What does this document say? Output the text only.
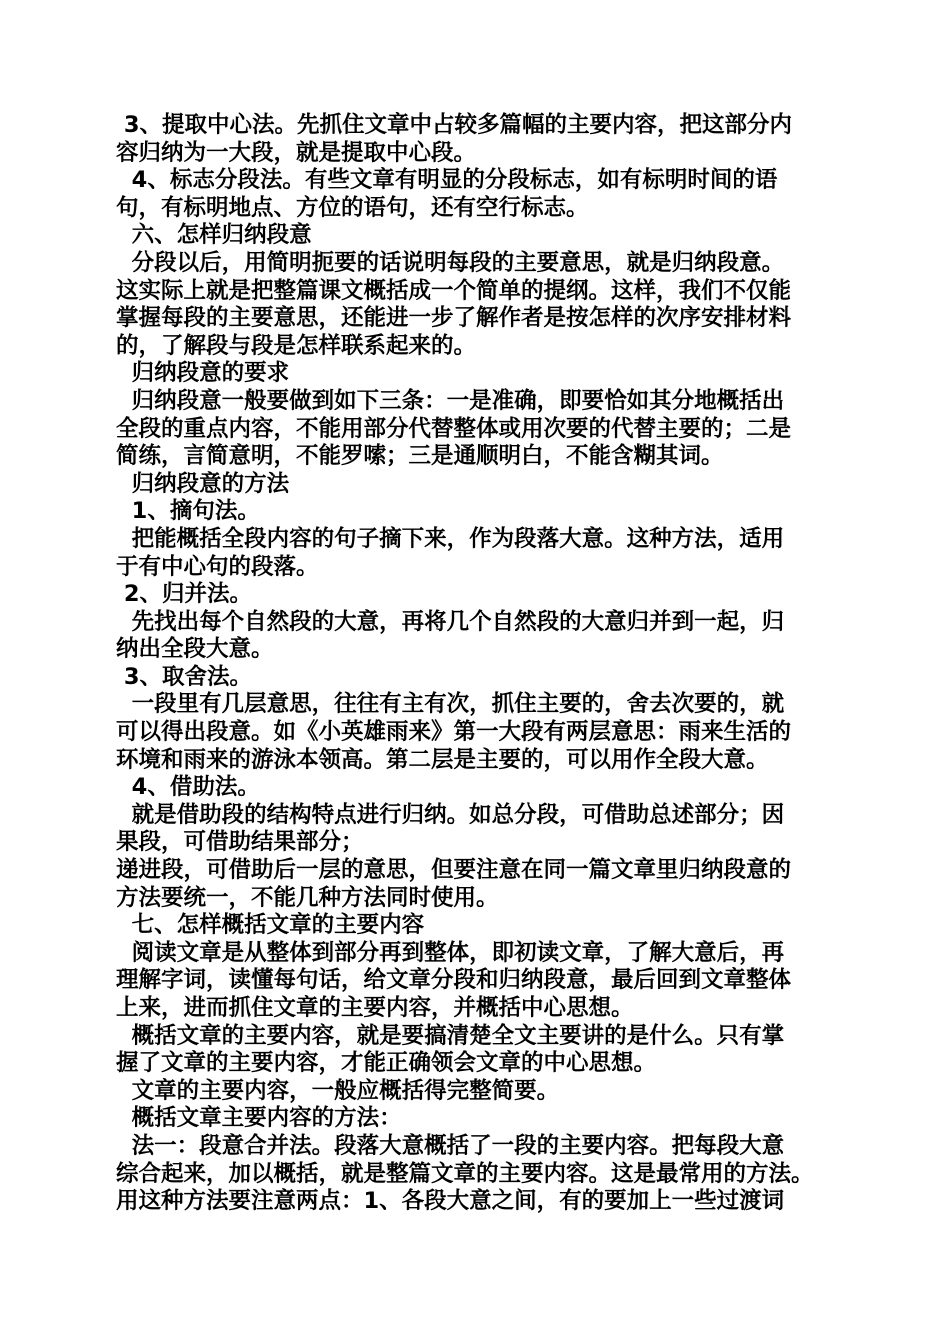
3、提取中心法。先抓住文章中占较多篇幅的主要内容，把这部分内
容归纳为一大段，就是提取中心段。
4、标志分段法。有些文章有明显的分段标志，如有标明时间的语
句，有标明地点、方位的语句，还有空行标志。
六、怎样归纳段意
分段以后，用简明扼要的话说明每段的主要意思，就是归纳段意。
这实际上就是把整篇课文概括成一个简单的提纲。这样，我们不仅能
掌握每段的主要意思，还能进一步了解作者是按怎样的次序安排材料
的，了解段与段是怎样联系起来的。
归纳段意的要求
归纳段意一般要做到如下三条：一是准确，即要恰如其分地概括出
全段的重点内容，不能用部分代替整体或用次要的代替主要的；二是
简练，言简意明，不能罗嗦；三是通顺明白，不能含糊其词。
归纳段意的方法
1、摘句法。
把能概括全段内容的句子摘下来，作为段落大意。这种方法，适用
于有中心句的段落。
2、归并法。
先找出每个自然段的大意，再将几个自然段的大意归并到一起，归
纳出全段大意。
3、取舍法。
一段里有几层意思，往往有主有次，抓住主要的，舍去次要的，就
可以得出段意。如《小英雄雨来》第一大段有两层意思：雨来生活的
环境和雨来的游泳本领高。第二层是主要的，可以用作全段大意。
4、借助法。
就是借助段的结构特点进行归纳。如总分段，可借助总述部分；因
果段，可借助结果部分；
递进段，可借助后一层的意思，但要注意在同一篇文章里归纳段意的
方法要统一，不能几种方法同时使用。
七、怎样概括文章的主要内容
阅读文章是从整体到部分再到整体，即初读文章，了解大意后，再
理解字词，读懂每句话，给文章分段和归纳段意，最后回到文章整体
上来，进而抓住文章的主要内容，并概括中心思想。
概括文章的主要内容，就是要搞清楚全文主要讲的是什么。只有掌
握了文章的主要内容，才能正确领会文章的中心思想。
文章的主要内容，一般应概括得完整简要。
概括文章主要内容的方法：
法一：段意合并法。段落大意概括了一段的主要内容。把每段大意
综合起来，加以概括，就是整篇文章的主要内容。这是最常用的方法。
用这种方法要注意两点：1、各段大意之间，有的要加上一些过渡词
